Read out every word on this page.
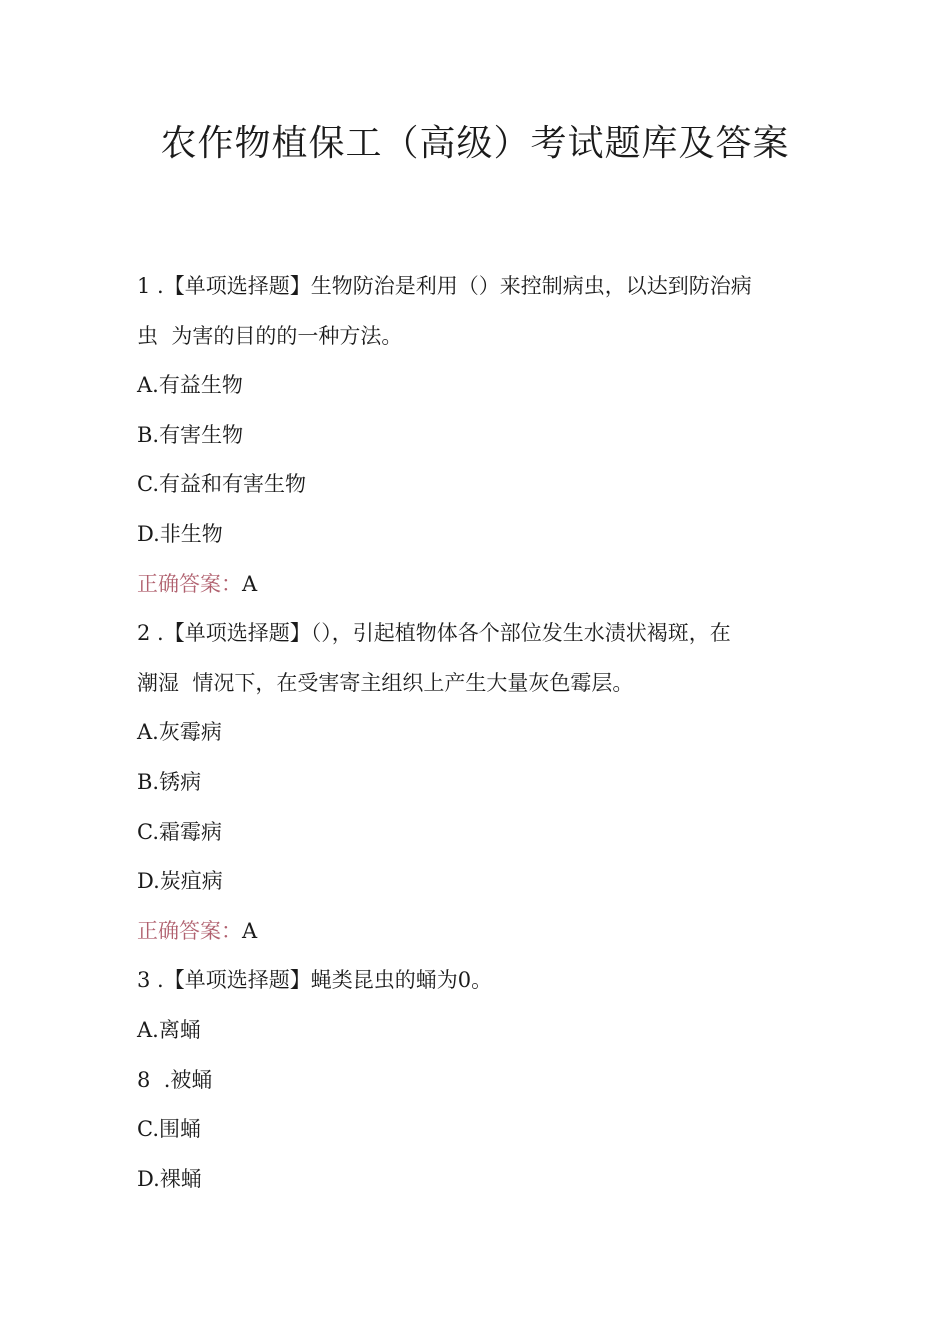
农作物植保工（高级）考试题库及答案

1 .【单项选择题】生物防治是利用（）来控制病虫，以达到防治病

虫  为害的目的的一种方法。

A.有益生物

B.有害生物

C.有益和有害生物

D.非生物

正确答案：A

2 .【单项选择题】（），引起植物体各个部位发生水渍状褐斑，在

潮湿  情况下，在受害寄主组织上产生大量灰色霉层。

A.灰霉病

B.锈病

C.霜霉病

D.炭疽病

正确答案：A

3 .【单项选择题】蝇类昆虫的蛹为0。

A.离蛹

8  .被蛹

C.围蛹

D.裸蛹
